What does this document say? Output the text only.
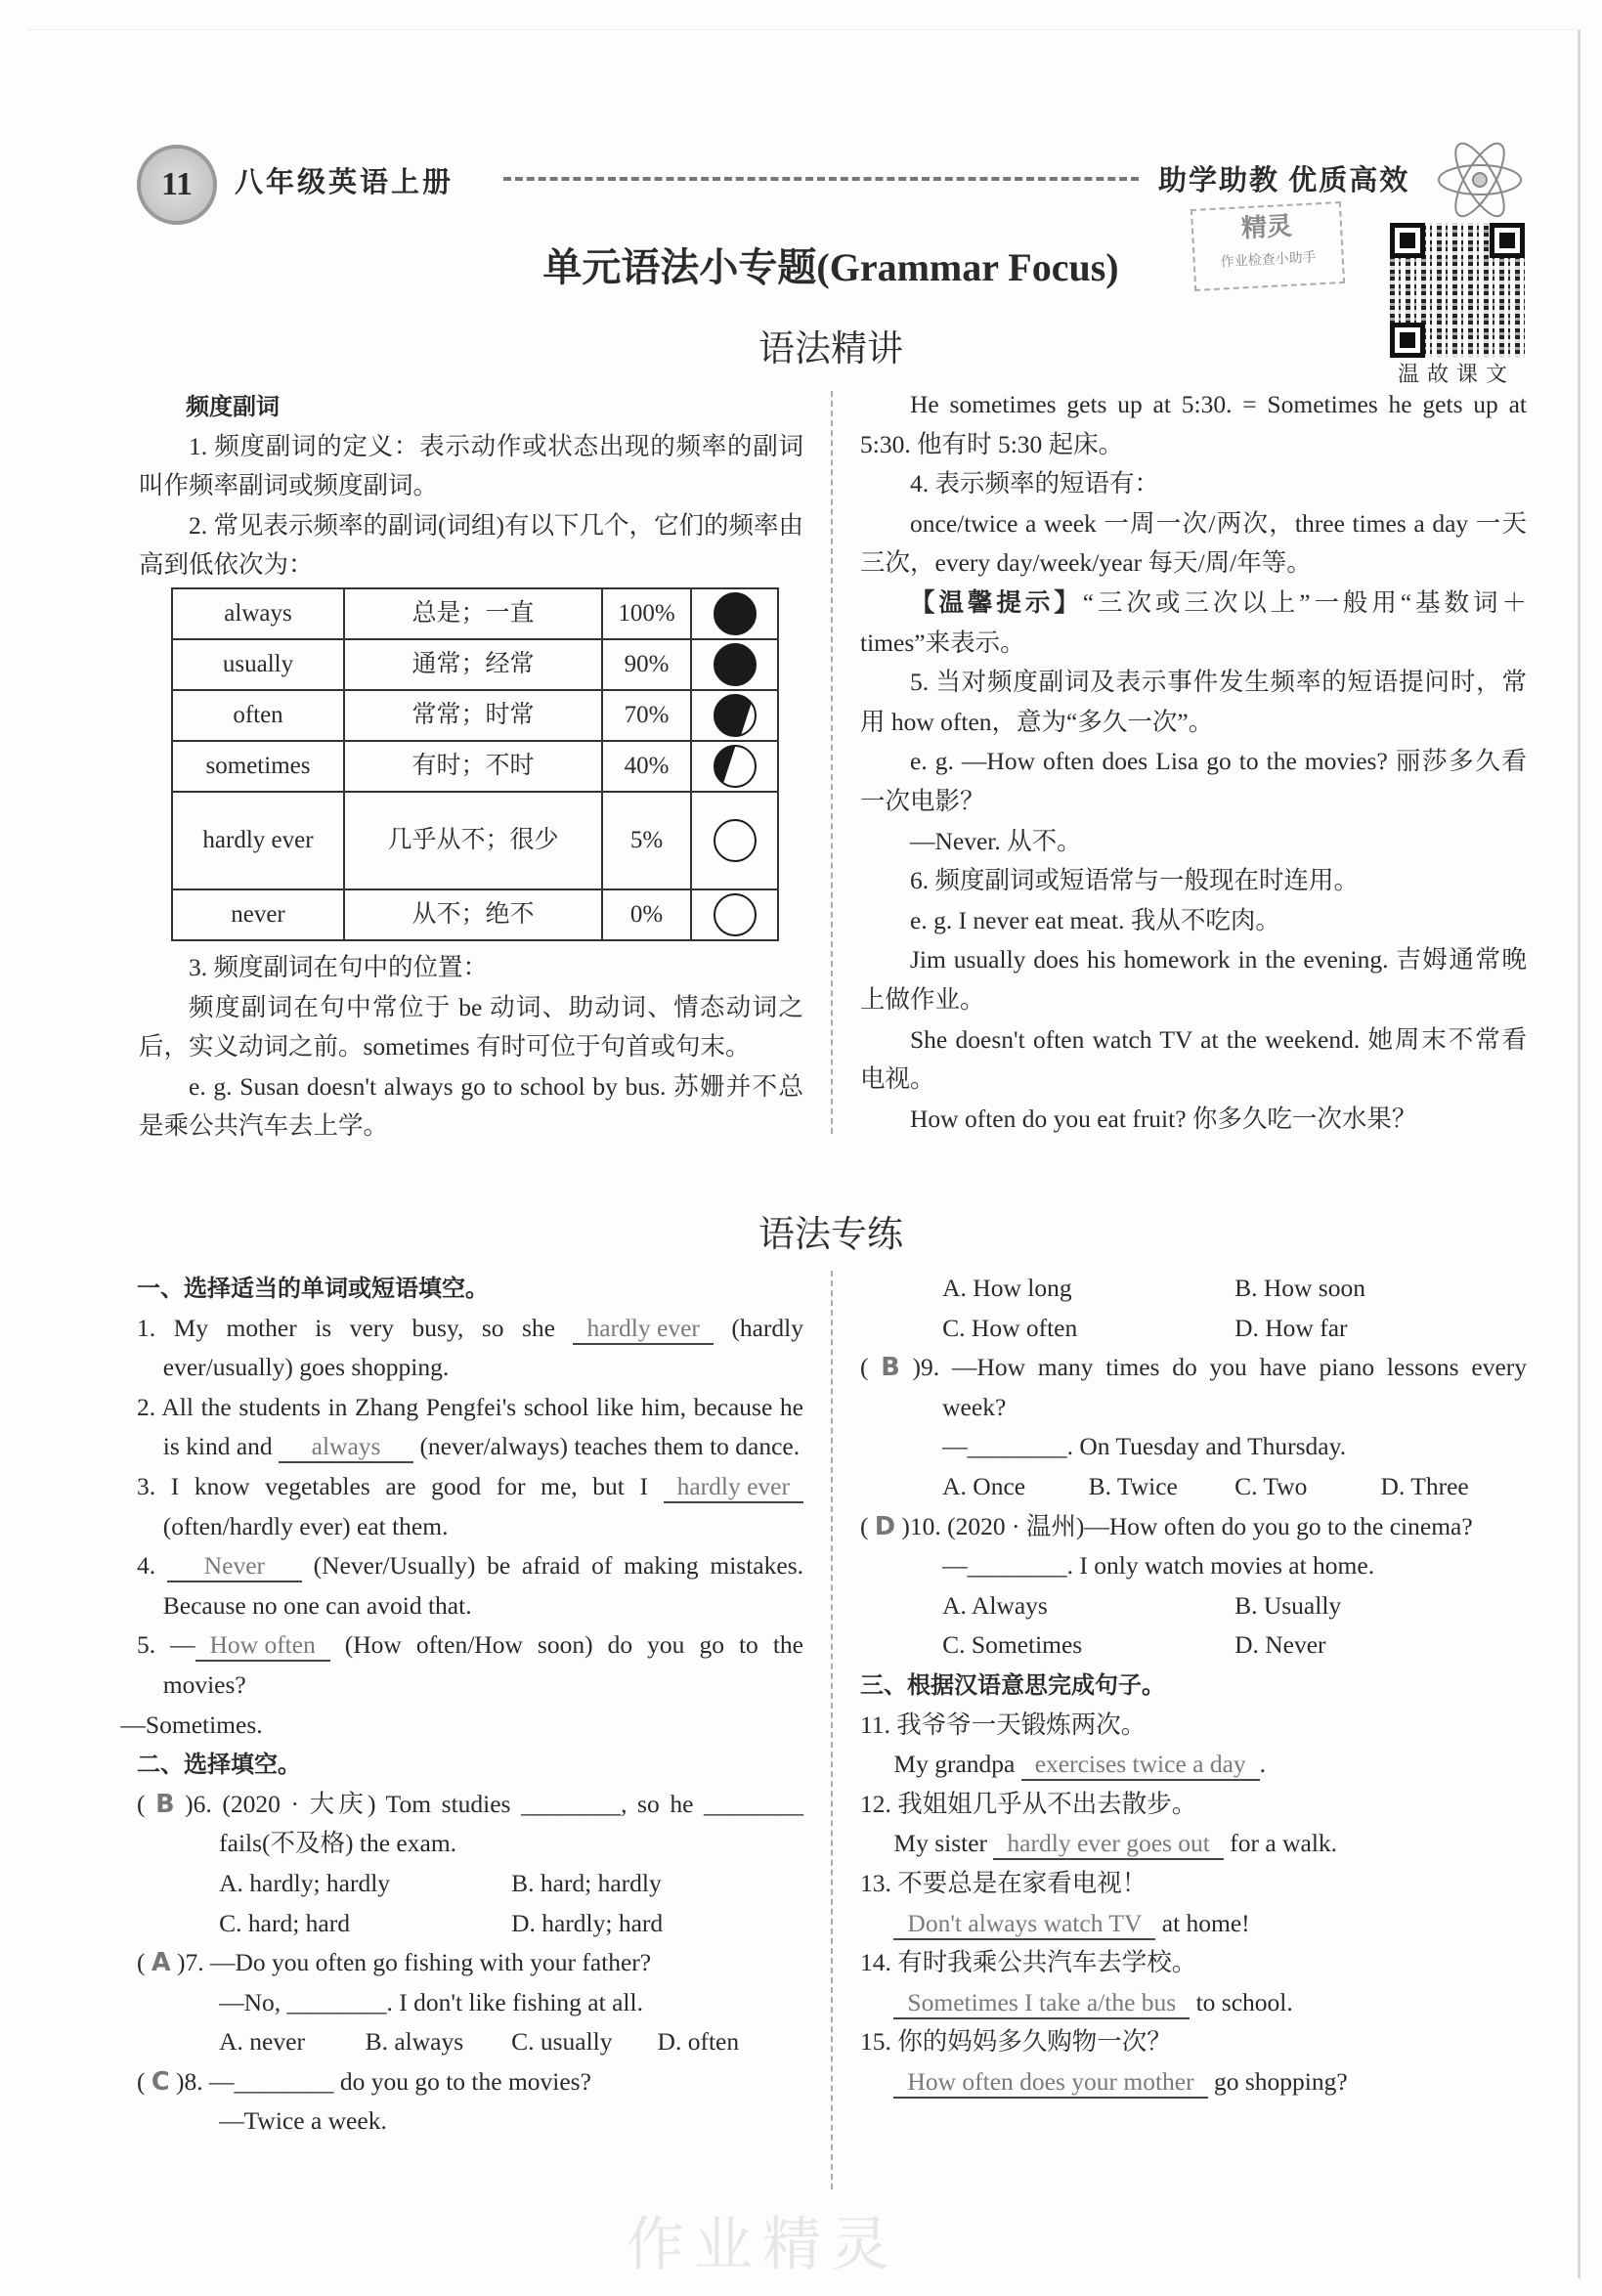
11	八年级英语上册	助学助教 优质高效
精灵
作业检查小助手
温故课文
单元语法小专题(Grammar Focus)
语法精讲

频度副词

1. 频度副词的定义：表示动作或状态出现的频率的副词叫作频率副词或频度副词。

2. 常见表示频率的副词(词组)有以下几个，它们的频率由高到低依次为：

always	总是；一直	100%	
usually	通常；经常	90%	
often	常常；时常	70%	
sometimes	有时；不时	40%	
hardly ever	几乎从不；很少	5%	
never	从不；绝不	0%	

3. 频度副词在句中的位置：

频度副词在句中常位于 be 动词、助动词、情态动词之后，实义动词之前。sometimes 有时可位于句首或句末。

e. g. Susan doesn't always go to school by bus. 苏姗并不总是乘公共汽车去上学。

He sometimes gets up at 5:30. = Sometimes he gets up at 5:30. 他有时 5:30 起床。

4. 表示频率的短语有：

once/twice a week 一周一次/两次，three times a day 一天三次，every day/week/year 每天/周/年等。

【温馨提示】“三次或三次以上”一般用“基数词＋times”来表示。

5. 当对频度副词及表示事件发生频率的短语提问时，常用 how often，意为“多久一次”。

e. g. —How often does Lisa go to the movies? 丽莎多久看一次电影？

—Never. 从不。

6. 频度副词或短语常与一般现在时连用。

e. g. I never eat meat. 我从不吃肉。

Jim usually does his homework in the evening. 吉姆通常晚上做作业。

She doesn't often watch TV at the weekend. 她周末不常看电视。

How often do you eat fruit? 你多久吃一次水果？

语法专练
作业精灵

一、选择适当的单词或短语填空。

1. My mother is very busy, so she hardly ever (hardly ever/usually) goes shopping.

2. All the students in Zhang Pengfei's school like him, because he is kind and always (never/always) teaches them to dance.

3. I know vegetables are good for me, but I hardly ever (often/hardly ever) eat them.

4. Never (Never/Usually) be afraid of making mistakes. Because no one can avoid that.

5. — How often (How often/How soon) do you go to the movies?

—Sometimes.

二、选择填空。

( B )6. (2020 · 大庆) Tom studies ________, so he ________ fails(不及格) the exam.

A. hardly; hardly	B. hard; hardly
C. hard; hard	D. hardly; hard

( A )7. —Do you often go fishing with your father?

—No, ________. I don't like fishing at all.

A. never	B. always	C. usually	D. often

( C )8. —________ do you go to the movies?

—Twice a week.

A. How long	B. How soon
C. How often	D. How far

( B )9. —How many times do you have piano lessons every week?

—________. On Tuesday and Thursday.

A. Once	B. Twice	C. Two	D. Three

( D )10. (2020 · 温州)—How often do you go to the cinema?

—________. I only watch movies at home.

A. Always	B. Usually
C. Sometimes	D. Never

三、根据汉语意思完成句子。

11. 我爷爷一天锻炼两次。

My grandpa exercises twice a day .

12. 我姐姐几乎从不出去散步。

My sister hardly ever goes out for a walk.

13. 不要总是在家看电视！

Don't always watch TV at home!

14. 有时我乘公共汽车去学校。

Sometimes I take a/the bus to school.

15. 你的妈妈多久购物一次？

How often does your mother go shopping?
